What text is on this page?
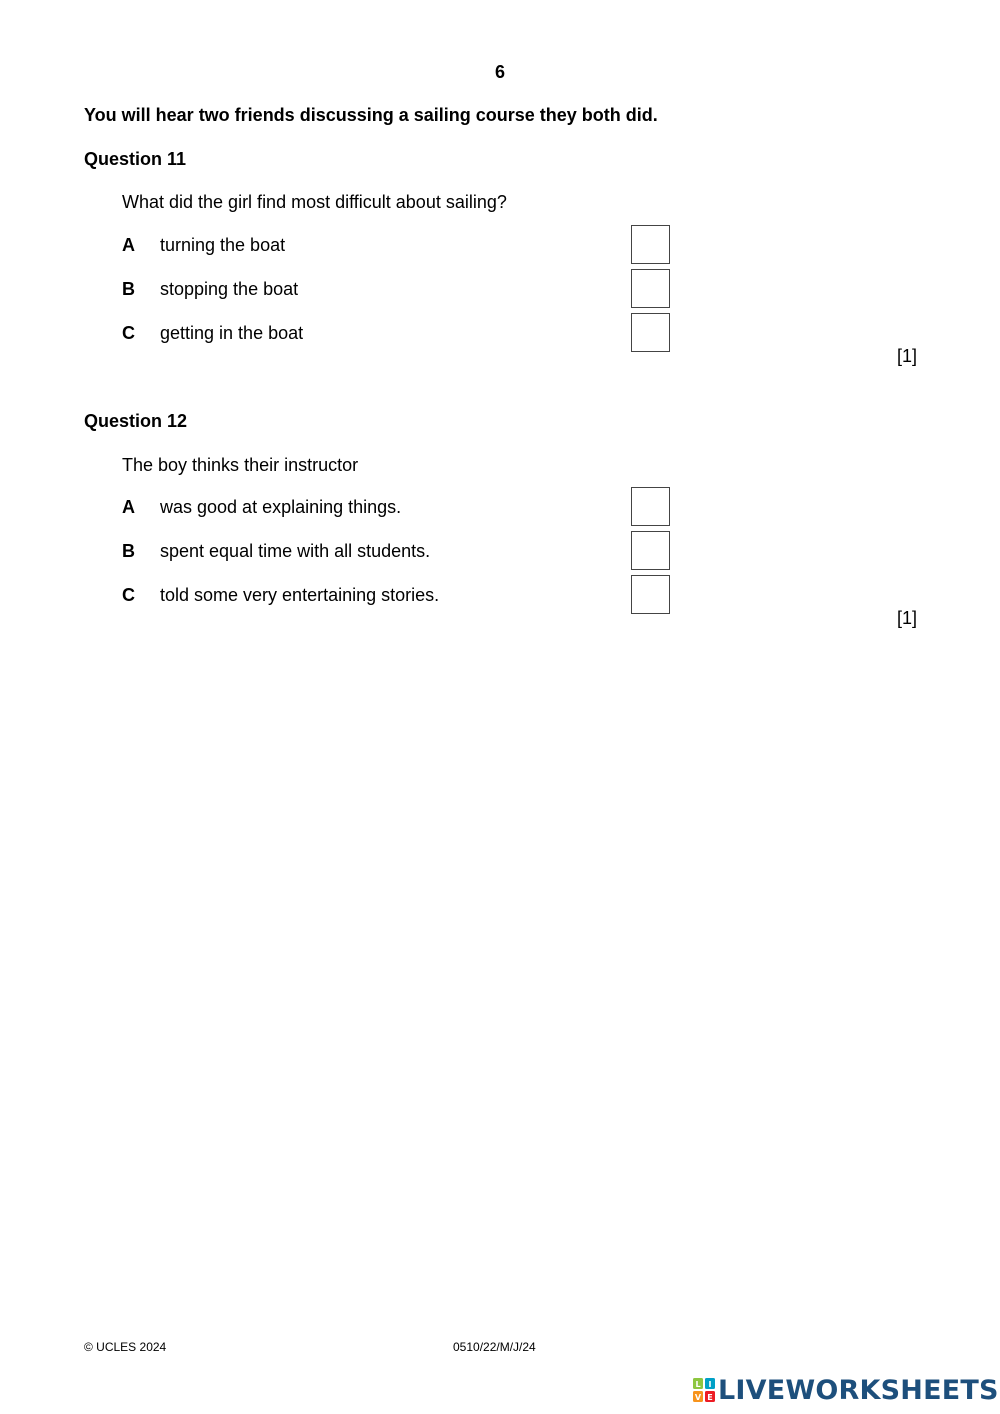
6
You will hear two friends discussing a sailing course they both did.
Question 11
What did the girl find most difficult about sailing?
A turning the boat
B stopping the boat
C getting in the boat
[1]
Question 12
The boy thinks their instructor
A was good at explaining things.
B spent equal time with all students.
C told some very entertaining stories.
[1]
© UCLES 2024	0510/22/M/J/24
L I
V E LIVEWORKSHEETS
